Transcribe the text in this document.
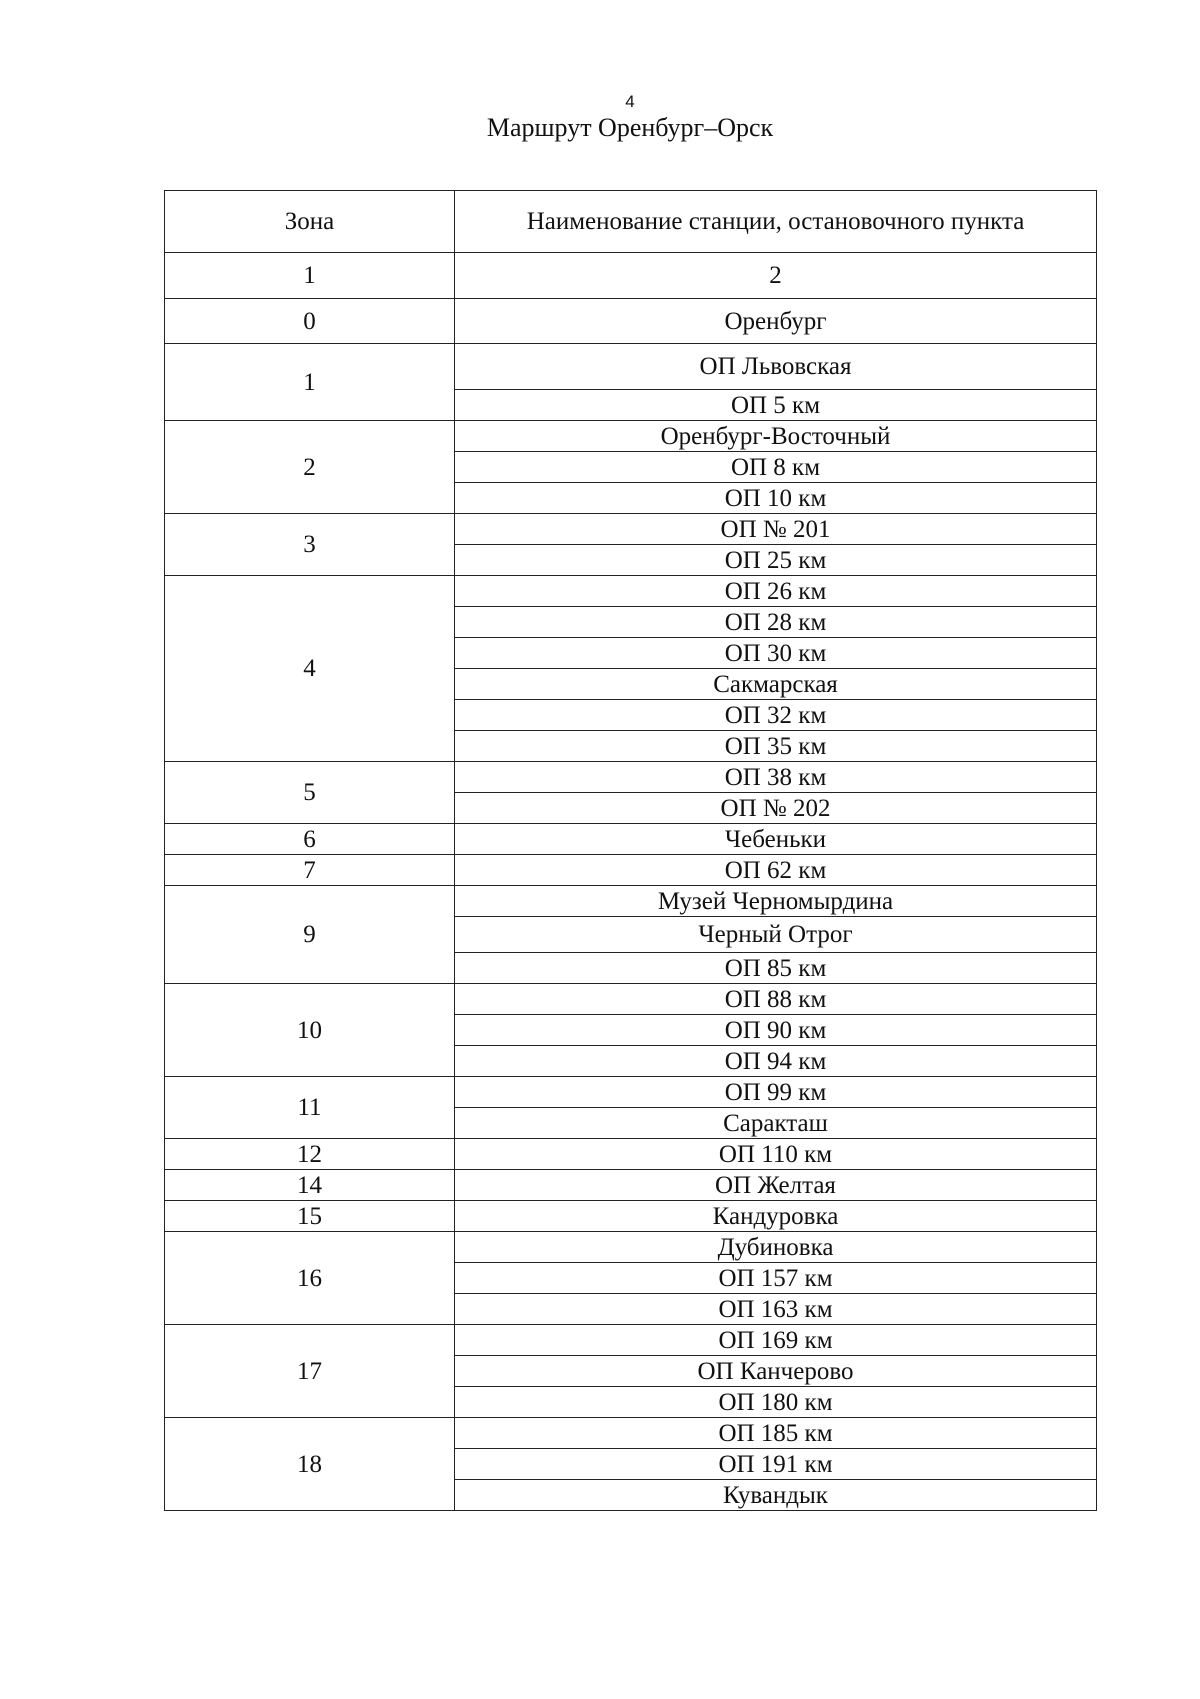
4
Маршрут Оренбург–Орск
Зона	Наименование станции, остановочного пункта
1	2
0	Оренбург
1	ОП Львовская
	ОП 5 км
2	Оренбург-Восточный
	ОП 8 км
	ОП 10 км
3	ОП № 201
	ОП 25 км
4	ОП 26 км
	ОП 28 км
	ОП 30 км
	Сакмарская
	ОП 32 км
	ОП 35 км
5	ОП 38 км
	ОП № 202
6	Чебеньки
7	ОП 62 км
9	Музей Черномырдина
	Черный Отрог
	ОП 85 км
10	ОП 88 км
	ОП 90 км
	ОП 94 км
11	ОП 99 км
	Саракташ
12	ОП 110 км
14	ОП Желтая
15	Кандуровка
16	Дубиновка
	ОП 157 км
	ОП 163 км
17	ОП 169 км
	ОП Канчерово
	ОП 180 км
18	ОП 185 км
	ОП 191 км
	Кувандык
